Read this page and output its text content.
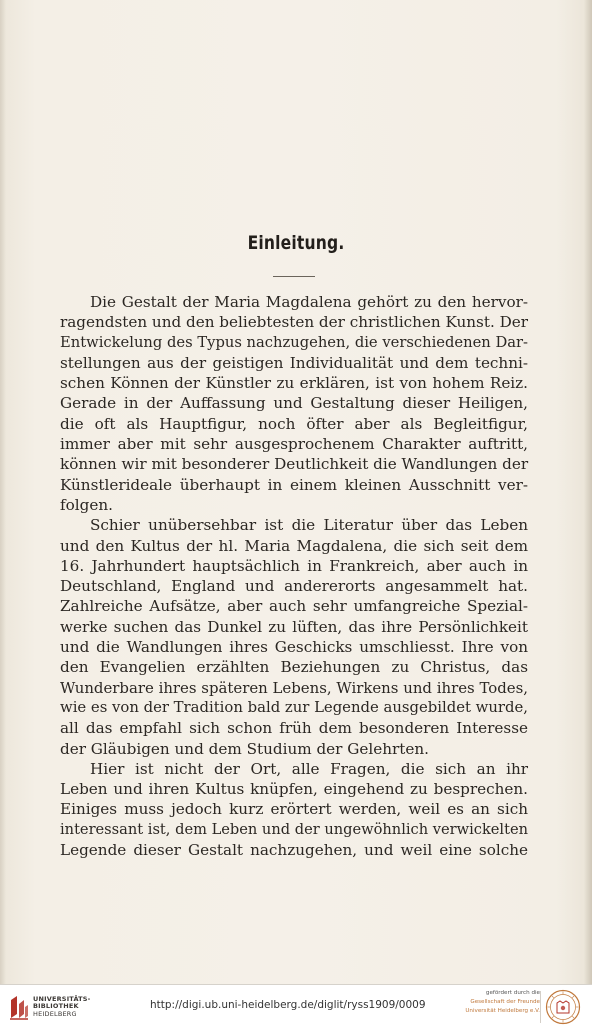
Einleitung.
Die Gestalt der Maria Magdalena gehört zu den hervor-
ragendsten und den beliebtesten der christlichen Kunst. Der
Entwickelung des Typus nachzugehen, die verschiedenen Dar-
stellungen aus der geistigen Individualität und dem techni-
schen Können der Künstler zu erklären, ist von hohem Reiz.
Gerade in der Auffassung und Gestaltung dieser Heiligen,
die oft als Hauptfigur, noch öfter aber als Begleitfigur,
immer aber mit sehr ausgesprochenem Charakter auftritt,
können wir mit besonderer Deutlichkeit die Wandlungen der
Künstlerideale überhaupt in einem kleinen Ausschnitt ver-
folgen.
Schier unübersehbar ist die Literatur über das Leben
und den Kultus der hl. Maria Magdalena, die sich seit dem
16. Jahrhundert hauptsächlich in Frankreich, aber auch in
Deutschland, England und andererorts angesammelt hat.
Zahlreiche Aufsätze, aber auch sehr umfangreiche Spezial-
werke suchen das Dunkel zu lüften, das ihre Persönlichkeit
und die Wandlungen ihres Geschicks umschliesst. Ihre von
den Evangelien erzählten Beziehungen zu Christus, das
Wunderbare ihres späteren Lebens, Wirkens und ihres Todes,
wie es von der Tradition bald zur Legende ausgebildet wurde,
all das empfahl sich schon früh dem besonderen Interesse
der Gläubigen und dem Studium der Gelehrten.
Hier ist nicht der Ort, alle Fragen, die sich an ihr
Leben und ihren Kultus knüpfen, eingehend zu besprechen.
Einiges muss jedoch kurz erörtert werden, weil es an sich
interessant ist, dem Leben und der ungewöhnlich verwickelten
Legende dieser Gestalt nachzugehen, und weil eine solche
UNIVERSITÄTS-
BIBLIOTHEK
HEIDELBERG
http://digi.ub.uni-heidelberg.de/diglit/ryss1909/0009
gefördert durch die
Gesellschaft der Freunde
Universität Heidelberg e.V.
